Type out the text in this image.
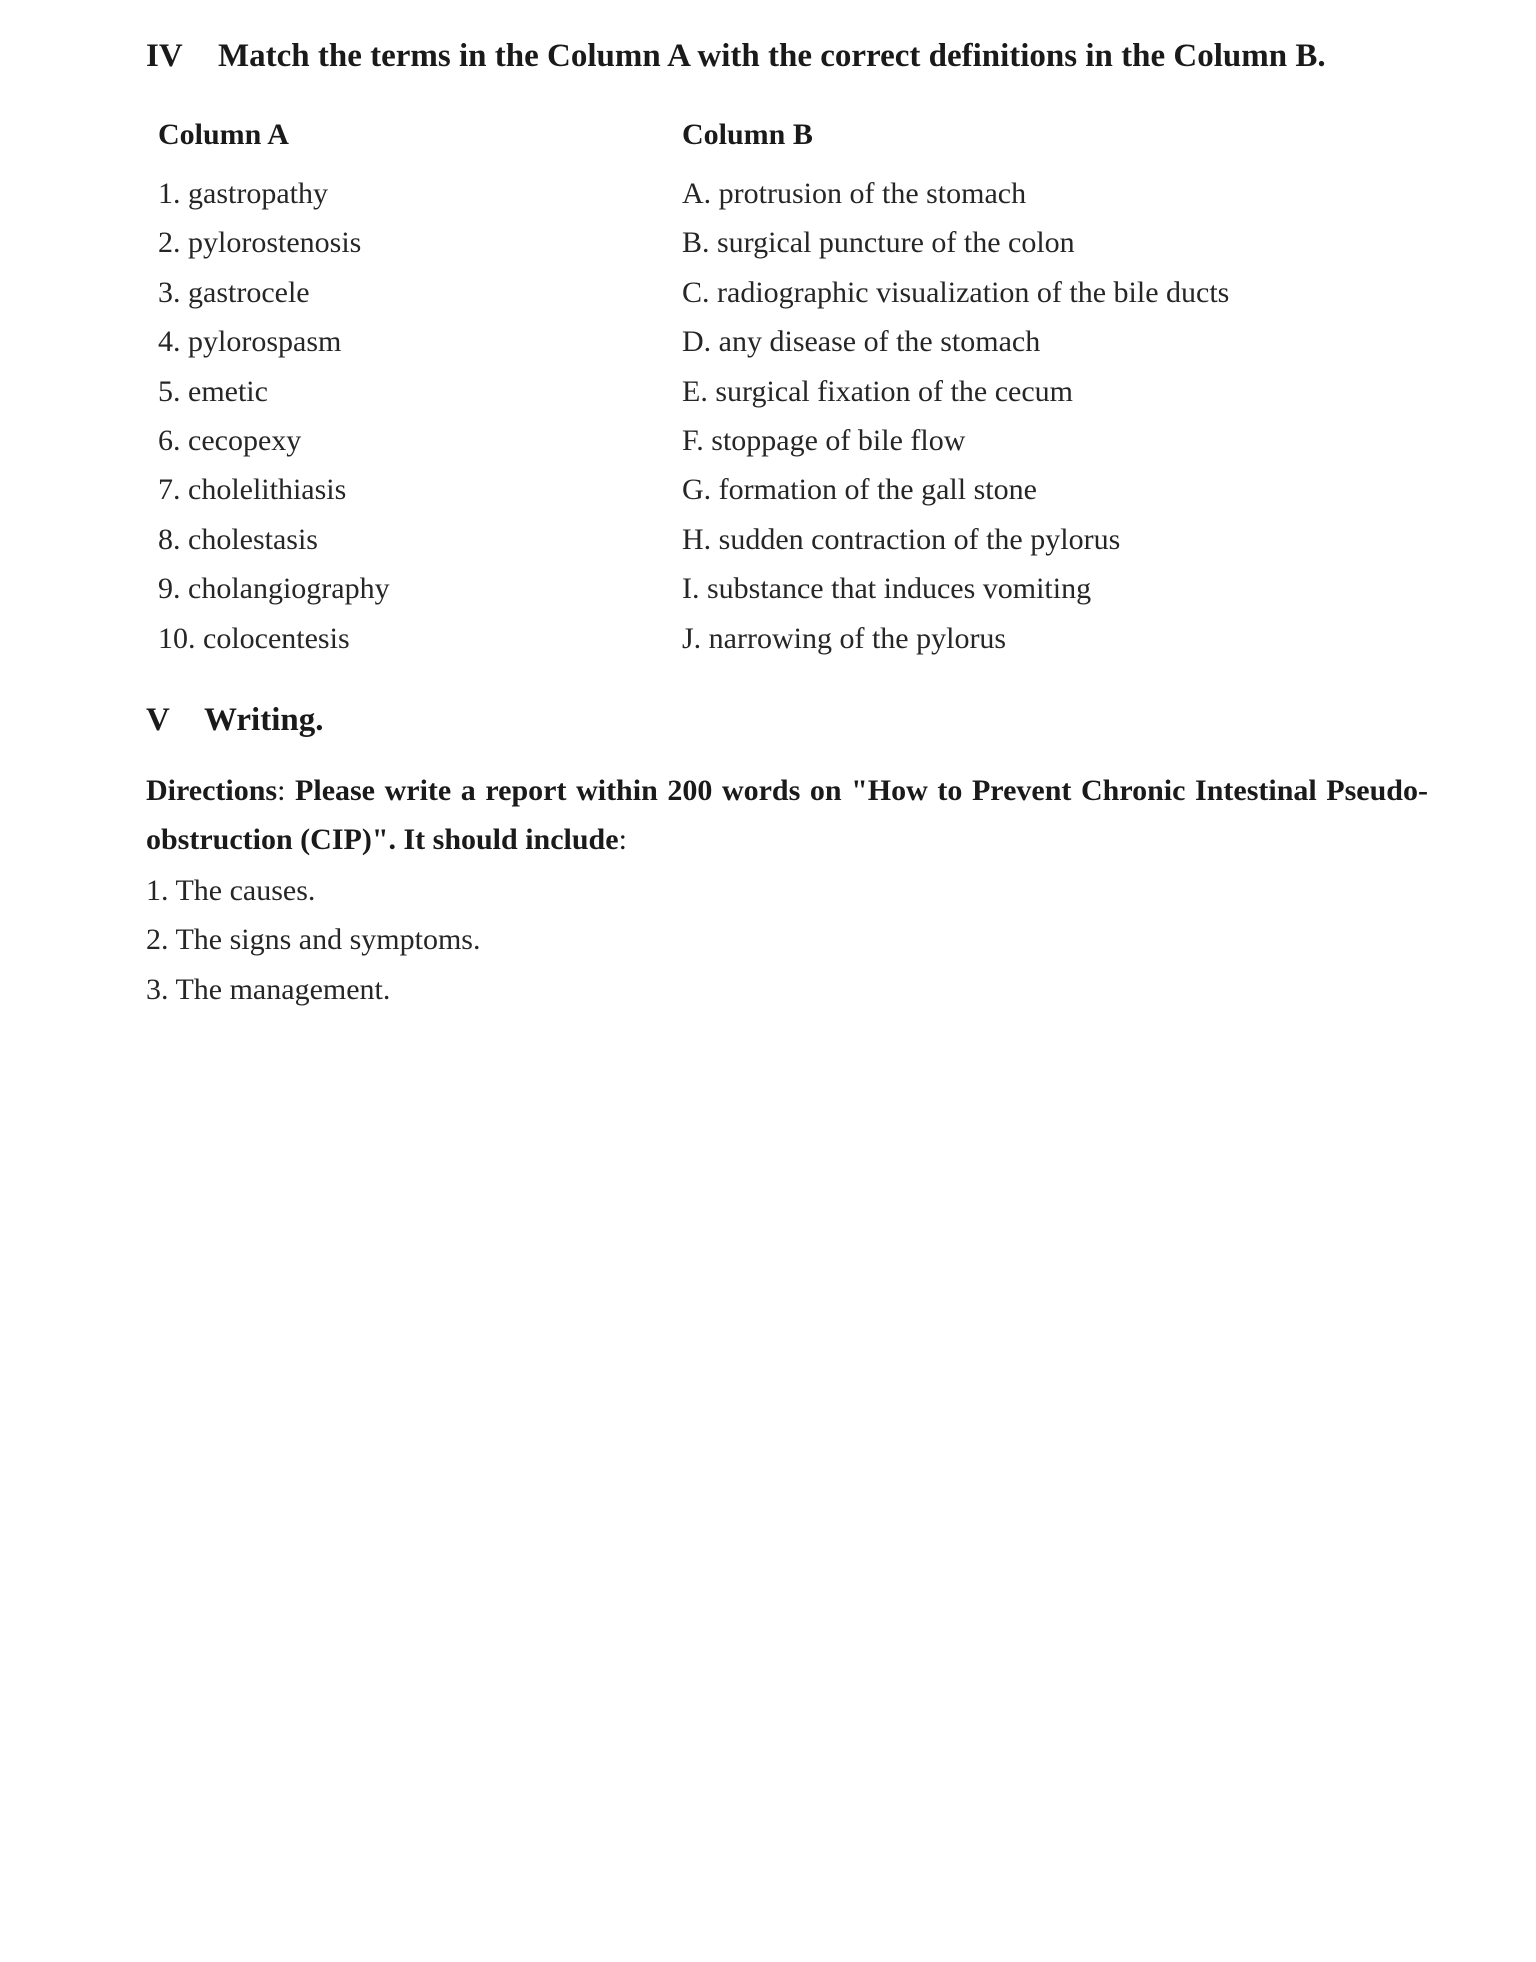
IV Match the terms in the Column A with the correct definitions in the Column B.
Column A
1. gastropathy
2. pylorostenosis
3. gastrocele
4. pylorospasm
5. emetic
6. cecopexy
7. cholelithiasis
8. cholestasis
9. cholangiography
10. colocentesis
Column B
A. protrusion of the stomach
B. surgical puncture of the colon
C. radiographic visualization of the bile ducts
D. any disease of the stomach
E. surgical fixation of the cecum
F. stoppage of bile flow
G. formation of the gall stone
H. sudden contraction of the pylorus
I. substance that induces vomiting
J. narrowing of the pylorus
V Writing.
Directions: Please write a report within 200 words on "How to Prevent Chronic Intestinal Pseudo-obstruction (CIP)". It should include:
1. The causes.
2. The signs and symptoms.
3. The management.
